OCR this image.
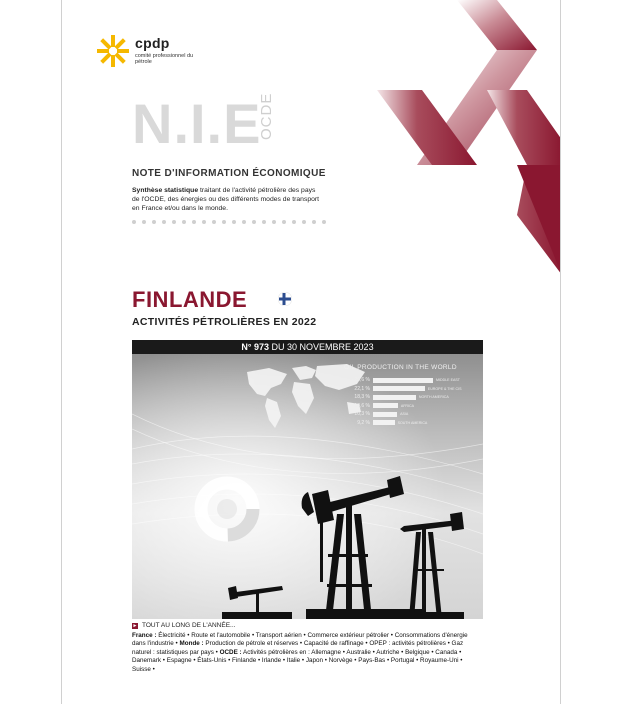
cpdp
comité professionnel du pétrole
N.I.E
OCDE
NOTE D'INFORMATION ÉCONOMIQUE
Synthèse statistique traitant de l'activité pétrolière des pays de l'OCDE, des énergies ou des différents modes de transport en France et/ou dans le monde.
FINLANDE
ACTIVITÉS PÉTROLIÈRES EN 2022
N° 973 DU 30 NOVEMBRE 2023
OIL PRODUCTION IN THE WORLD
25,6 %	MIDDLE EAST
22,1 %	EUROPE & THE CIS
18,3 %	NORTH AMERICA
10,6 %	AFRICA
10,3 %	ASIA
9,2 %	SOUTH AMERICA
► TOUT AU LONG DE L'ANNÉE...
France : Électricité • Route et l'automobile • Transport aérien • Commerce extérieur pétrolier • Consommations d'énergie dans l'industrie • Monde : Production de pétrole et réserves • Capacité de raffinage • OPEP : activités pétrolières • Gaz naturel : statistiques par pays • OCDE : Activités pétrolières en : Allemagne • Australie • Autriche • Belgique • Canada • Danemark • Espagne • États-Unis • Finlande • Irlande • Italie • Japon • Norvège • Pays-Bas • Portugal • Royaume-Uni • Suisse •
